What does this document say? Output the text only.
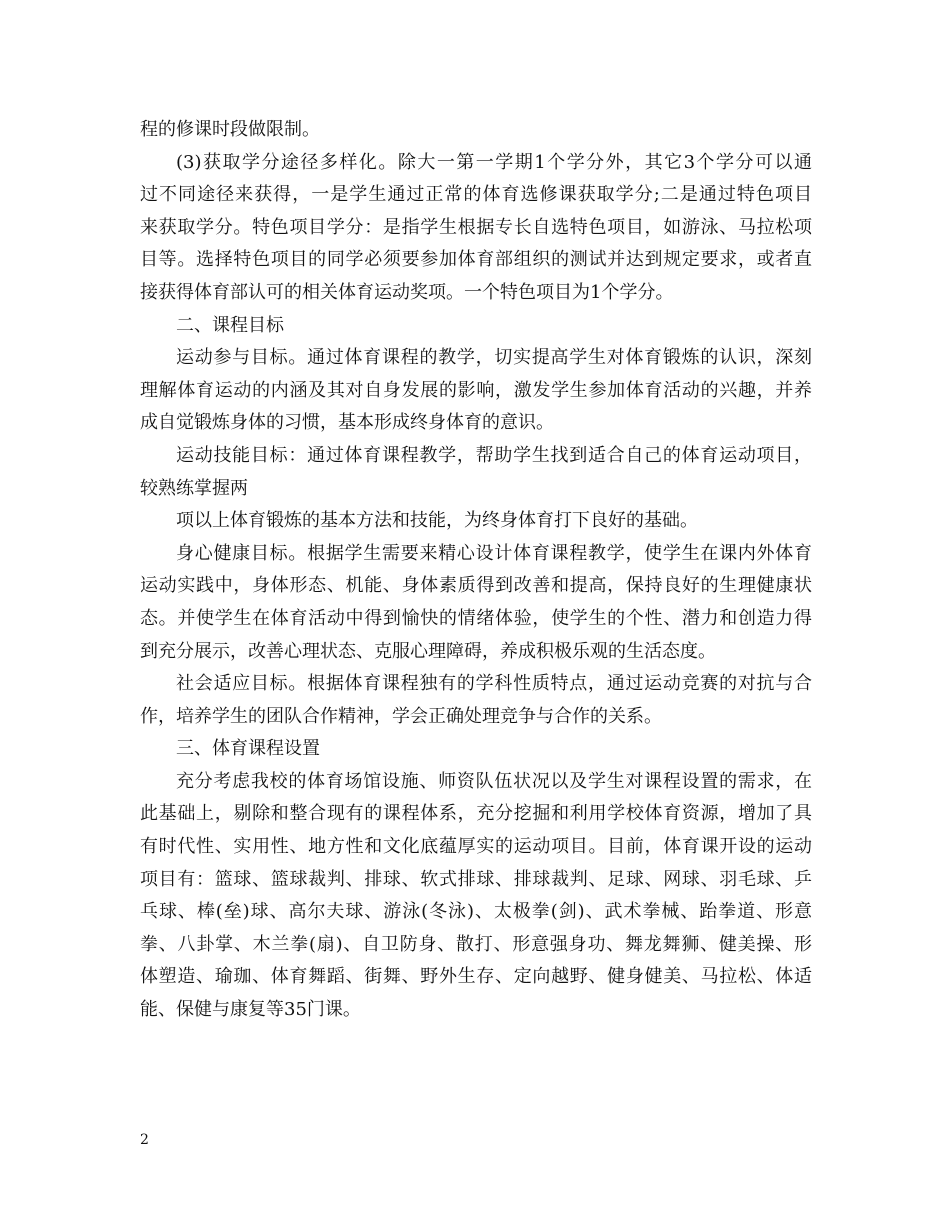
程的修课时段做限制。
(3)获取学分途径多样化。除大一第一学期1个学分外，其它3个学分可以通
过不同途径来获得，一是学生通过正常的体育选修课获取学分;二是通过特色项目
来获取学分。特色项目学分：是指学生根据专长自选特色项目，如游泳、马拉松项
目等。选择特色项目的同学必须要参加体育部组织的测试并达到规定要求，或者直
接获得体育部认可的相关体育运动奖项。一个特色项目为1个学分。
二、课程目标
运动参与目标。通过体育课程的教学，切实提高学生对体育锻炼的认识，深刻
理解体育运动的内涵及其对自身发展的影响，激发学生参加体育活动的兴趣，并养
成自觉锻炼身体的习惯，基本形成终身体育的意识。
运动技能目标：通过体育课程教学，帮助学生找到适合自己的体育运动项目，
较熟练掌握两
项以上体育锻炼的基本方法和技能，为终身体育打下良好的基础。
身心健康目标。根据学生需要来精心设计体育课程教学，使学生在课内外体育
运动实践中，身体形态、机能、身体素质得到改善和提高，保持良好的生理健康状
态。并使学生在体育活动中得到愉快的情绪体验，使学生的个性、潜力和创造力得
到充分展示，改善心理状态、克服心理障碍，养成积极乐观的生活态度。
社会适应目标。根据体育课程独有的学科性质特点，通过运动竞赛的对抗与合
作，培养学生的团队合作精神，学会正确处理竞争与合作的关系。
三、体育课程设置
充分考虑我校的体育场馆设施、师资队伍状况以及学生对课程设置的需求，在
此基础上，剔除和整合现有的课程体系，充分挖掘和利用学校体育资源，增加了具
有时代性、实用性、地方性和文化底蕴厚实的运动项目。目前，体育课开设的运动
项目有：篮球、篮球裁判、排球、软式排球、排球裁判、足球、网球、羽毛球、乒
乓球、棒(垒)球、高尔夫球、游泳(冬泳)、太极拳(剑)、武术拳械、跆拳道、形意
拳、八卦掌、木兰拳(扇)、自卫防身、散打、形意强身功、舞龙舞狮、健美操、形
体塑造、瑜珈、体育舞蹈、街舞、野外生存、定向越野、健身健美、马拉松、体适
能、保健与康复等35门课。
2
